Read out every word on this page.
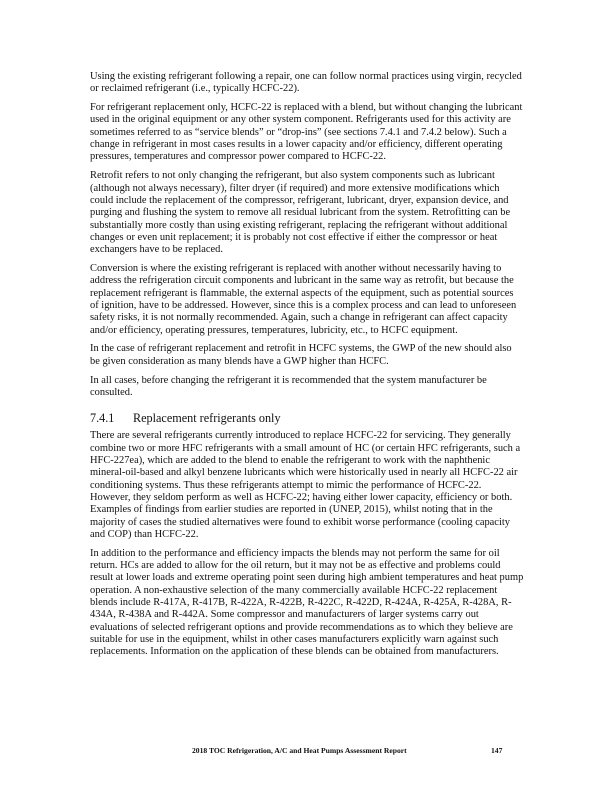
Using the existing refrigerant following a repair, one can follow normal practices using virgin, recycled or reclaimed refrigerant (i.e., typically HCFC-22).

For refrigerant replacement only, HCFC-22 is replaced with a blend, but without changing the lubricant used in the original equipment or any other system component. Refrigerants used for this activity are sometimes referred to as “service blends” or “drop-ins” (see sections 7.4.1 and 7.4.2 below). Such a change in refrigerant in most cases results in a lower capacity and/or efficiency, different operating pressures, temperatures and compressor power compared to HCFC-22.

Retrofit refers to not only changing the refrigerant, but also system components such as lubricant (although not always necessary), filter dryer (if required) and more extensive modifications which could include the replacement of the compressor, refrigerant, lubricant, dryer, expansion device, and purging and flushing the system to remove all residual lubricant from the system. Retrofitting can be substantially more costly than using existing refrigerant, replacing the refrigerant without additional changes or even unit replacement; it is probably not cost effective if either the compressor or heat exchangers have to be replaced.

Conversion is where the existing refrigerant is replaced with another without necessarily having to address the refrigeration circuit components and lubricant in the same way as retrofit, but because the replacement refrigerant is flammable, the external aspects of the equipment, such as potential sources of ignition, have to be addressed. However, since this is a complex process and can lead to unforeseen safety risks, it is not normally recommended. Again, such a change in refrigerant can affect capacity and/or efficiency, operating pressures, temperatures, lubricity, etc., to HCFC equipment.

In the case of refrigerant replacement and retrofit in HCFC systems, the GWP of the new should also be given consideration as many blends have a GWP higher than HCFC.

In all cases, before changing the refrigerant it is recommended that the system manufacturer be consulted.

7.4.1	Replacement refrigerants only

There are several refrigerants currently introduced to replace HCFC-22 for servicing. They generally combine two or more HFC refrigerants with a small amount of HC (or certain HFC refrigerants, such a HFC-227ea), which are added to the blend to enable the refrigerant to work with the naphthenic mineral-oil-based and alkyl benzene lubricants which were historically used in nearly all HCFC-22 air conditioning systems. Thus these refrigerants attempt to mimic the performance of HCFC-22. However, they seldom perform as well as HCFC-22; having either lower capacity, efficiency or both. Examples of findings from earlier studies are reported in (UNEP, 2015), whilst noting that in the majority of cases the studied alternatives were found to exhibit worse performance (cooling capacity and COP) than HCFC-22.

In addition to the performance and efficiency impacts the blends may not perform the same for oil return. HCs are added to allow for the oil return, but it may not be as effective and problems could result at lower loads and extreme operating point seen during high ambient temperatures and heat pump operation. A non-exhaustive selection of the many commercially available HCFC-22 replacement blends include R-417A, R-417B, R-422A, R-422B, R-422C, R-422D, R-424A, R-425A, R-428A, R-434A, R-438A and R-442A. Some compressor and manufacturers of larger systems carry out evaluations of selected refrigerant options and provide recommendations as to which they believe are suitable for use in the equipment, whilst in other cases manufacturers explicitly warn against such replacements. Information on the application of these blends can be obtained from manufacturers.

2018 TOC Refrigeration, A/C and Heat Pumps Assessment Report	147
